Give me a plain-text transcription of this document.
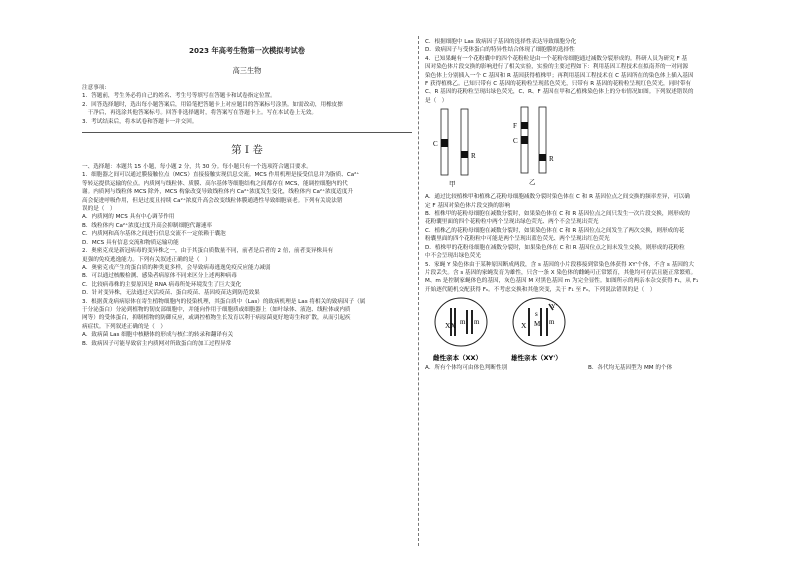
2023 年高考生物第一次模拟考试卷
高三生物
注意事项:
1．答题前，考生务必将自己的姓名、考生号等填写在答题卡和试卷指定位置。
2．回答选择题时，选出每小题答案后，用铅笔把答题卡上对应题目的答案标号涂黑。如需改动，用橡皮擦
　干净后，再选涂其他答案标号。回答非选择题时，将答案写在答题卡上。写在本试卷上无效。
3．考试结束后，将本试卷和答题卡一并交回。
第 I 卷
一、选择题：本题共 15 小题，每小题 2 分，共 30 分。每小题只有一个选项符合题目要求。
1．细胞器之间可以通过膜接触位点（MCS）直接接触实现信息交流。MCS 作用机理是接受信息并为脂质、Ca²⁺
等转运提供运输的位点。内质网与线粒体、质膜、高尔基体等细胞结构之间都存在 MCS，能调控细胞内的代
谢。内质网与线粒体 MCS 除外，MCS 构象改变导致线粒体内 Ca²⁺浓度发生变化，线粒体内 Ca²⁺浓度适度升
高会促进呼吸作用，但是过度且持续 Ca²⁺浓度升高会改变线粒体膜通透性导致细胞衰老。下列有关说法错
误的是（　）
A．内质网的 MCS 具有中心调节作用
B．线粒体内 Ca²⁺浓度过度升高会抑制细胞代谢速率
C．内质网和高尔基体之间进行信息交流不一定依赖于囊泡
D．MCS 具有信息交流和物质运输功能
2．奥密克戎是新冠病毒的变异株之一，由于其蛋白质数量不同，前者是后者的 2 倍，前者变异株具有
更强的免疫逃逸能力。下列有关叙述正确的是（　）
A．奥密克戎产生的蛋白质的种类更多样，会导致病毒逃逸免疫反应能力减弱
B．可以通过核酸检测、感染者病原体不同来区分上述两种病毒
C．比较病毒株的主要原因是 RNA 病毒所处环境发生了巨大变化
D．针对变异株，无法通过灭活疫苗、蛋白疫苗、基因疫苗达到防范效果
3．根据黄龙病病原体在寄生植物细胞内的侵染机理，其蛋白质中（Las）的致病机理是 Las 将相关的致病因子（属
于分泌蛋白）分泌到植物的韧皮部细胞中，并能向作用于细胞质或细胞器上（如叶绿体、液泡、线粒体或内质
网等）的受体蛋白，抑制植物的防御反应，或调控植物生长发育以利于病原菌更好地寄生和扩散，从而引起疾
病症状。下列叙述正确的是（　）
A．致病菌 Las 细胞中核糖体的形成与核仁的转录和翻译有关
B．致病因子可能导致宿主内质网对所致蛋白的加工过程异常
C．根据细胞中 Las 致病因子基因的选择性表达导致细胞分化
D．致病因子与受体蛋白的特异性结合体现了细胞膜的选择性
4．已知果蝇有一个花粉囊中的四个花粉粒是由一个花粉母细胞通过减数分裂形成的。科研人员为研究 F 基
因对染色体片段交换的影响进行了相关实验，实验的主要过程如下：利用基因工程技术在拟南芥的一对同源
染色体上分别插入一个 C 基因和 R 基因获得植株甲；再利用基因工程技术在 C 基因所在的染色体上插入基因
F 获得植株乙。已知只带有 C 基因的花粉粒呈现蓝色荧光，只带有 R 基因的花粉粒呈现红色荧光，同时带有
C、R 基因的花粉粒呈现出绿色荧光，C、R、F 基因在甲和乙植株染色体上的分布情况如图。下列叙述错误的
是（　）
C
R
甲
F
C
R
乙
A．通过比较植株甲和植株乙花粉母细胞减数分裂时染色体在 C 和 R 基因位点之间交换的频率差异，可以确
定 F 基因对染色体片段交换的影响
B．植株甲的花粉母细胞在减数分裂时，如果染色体在 C 和 R 基因位点之间只发生一次片段交换，则形成的
花粉囊里面的四个花粉粒中两个呈现出绿色荧光、两个不会呈现出荧光
C．植株乙的花粉母细胞在减数分裂时，如果染色体在 C 和 R 基因位点之间发生了两次交换，则形成的花
粉囊里面的四个花粉粒中可能是两个呈现出蓝色荧光、两个呈现出红色荧光
D．植株甲的花粉母细胞在减数分裂时，如果染色体在 C 和 R 基因位点之间未发生交换，则形成的花粉粒
中不会呈现出绿色荧光
5．家蝇 Y 染色体由于某种原因断成两段，含 s 基因的小片段移接到常染色体获得 XY'个体，不含 s 基因的大
片段丢失。含 s 基因的家蝇发育为雄性，只含一条 X 染色体的雌蝇可正常繁育，其他均可存活且能正常繁殖。
M、m 是控制家蝇体色的基因，灰色基因 M 对黑色基因 m 为完全显性。如图所示的两亲本杂交获得 F₁，从 F₁
开始逐代随机交配获得 Fₙ。不考虑交换和其他突变，关于 F₁ 至 Fₙ，下列说法错误的是（　）
XX m m
雌性亲本（XX）
X
s
M m
Y'
雄性亲本（XY'）
A．所有个体均可由体色判断性别	B．各代均无基因型为 MM 的个体
